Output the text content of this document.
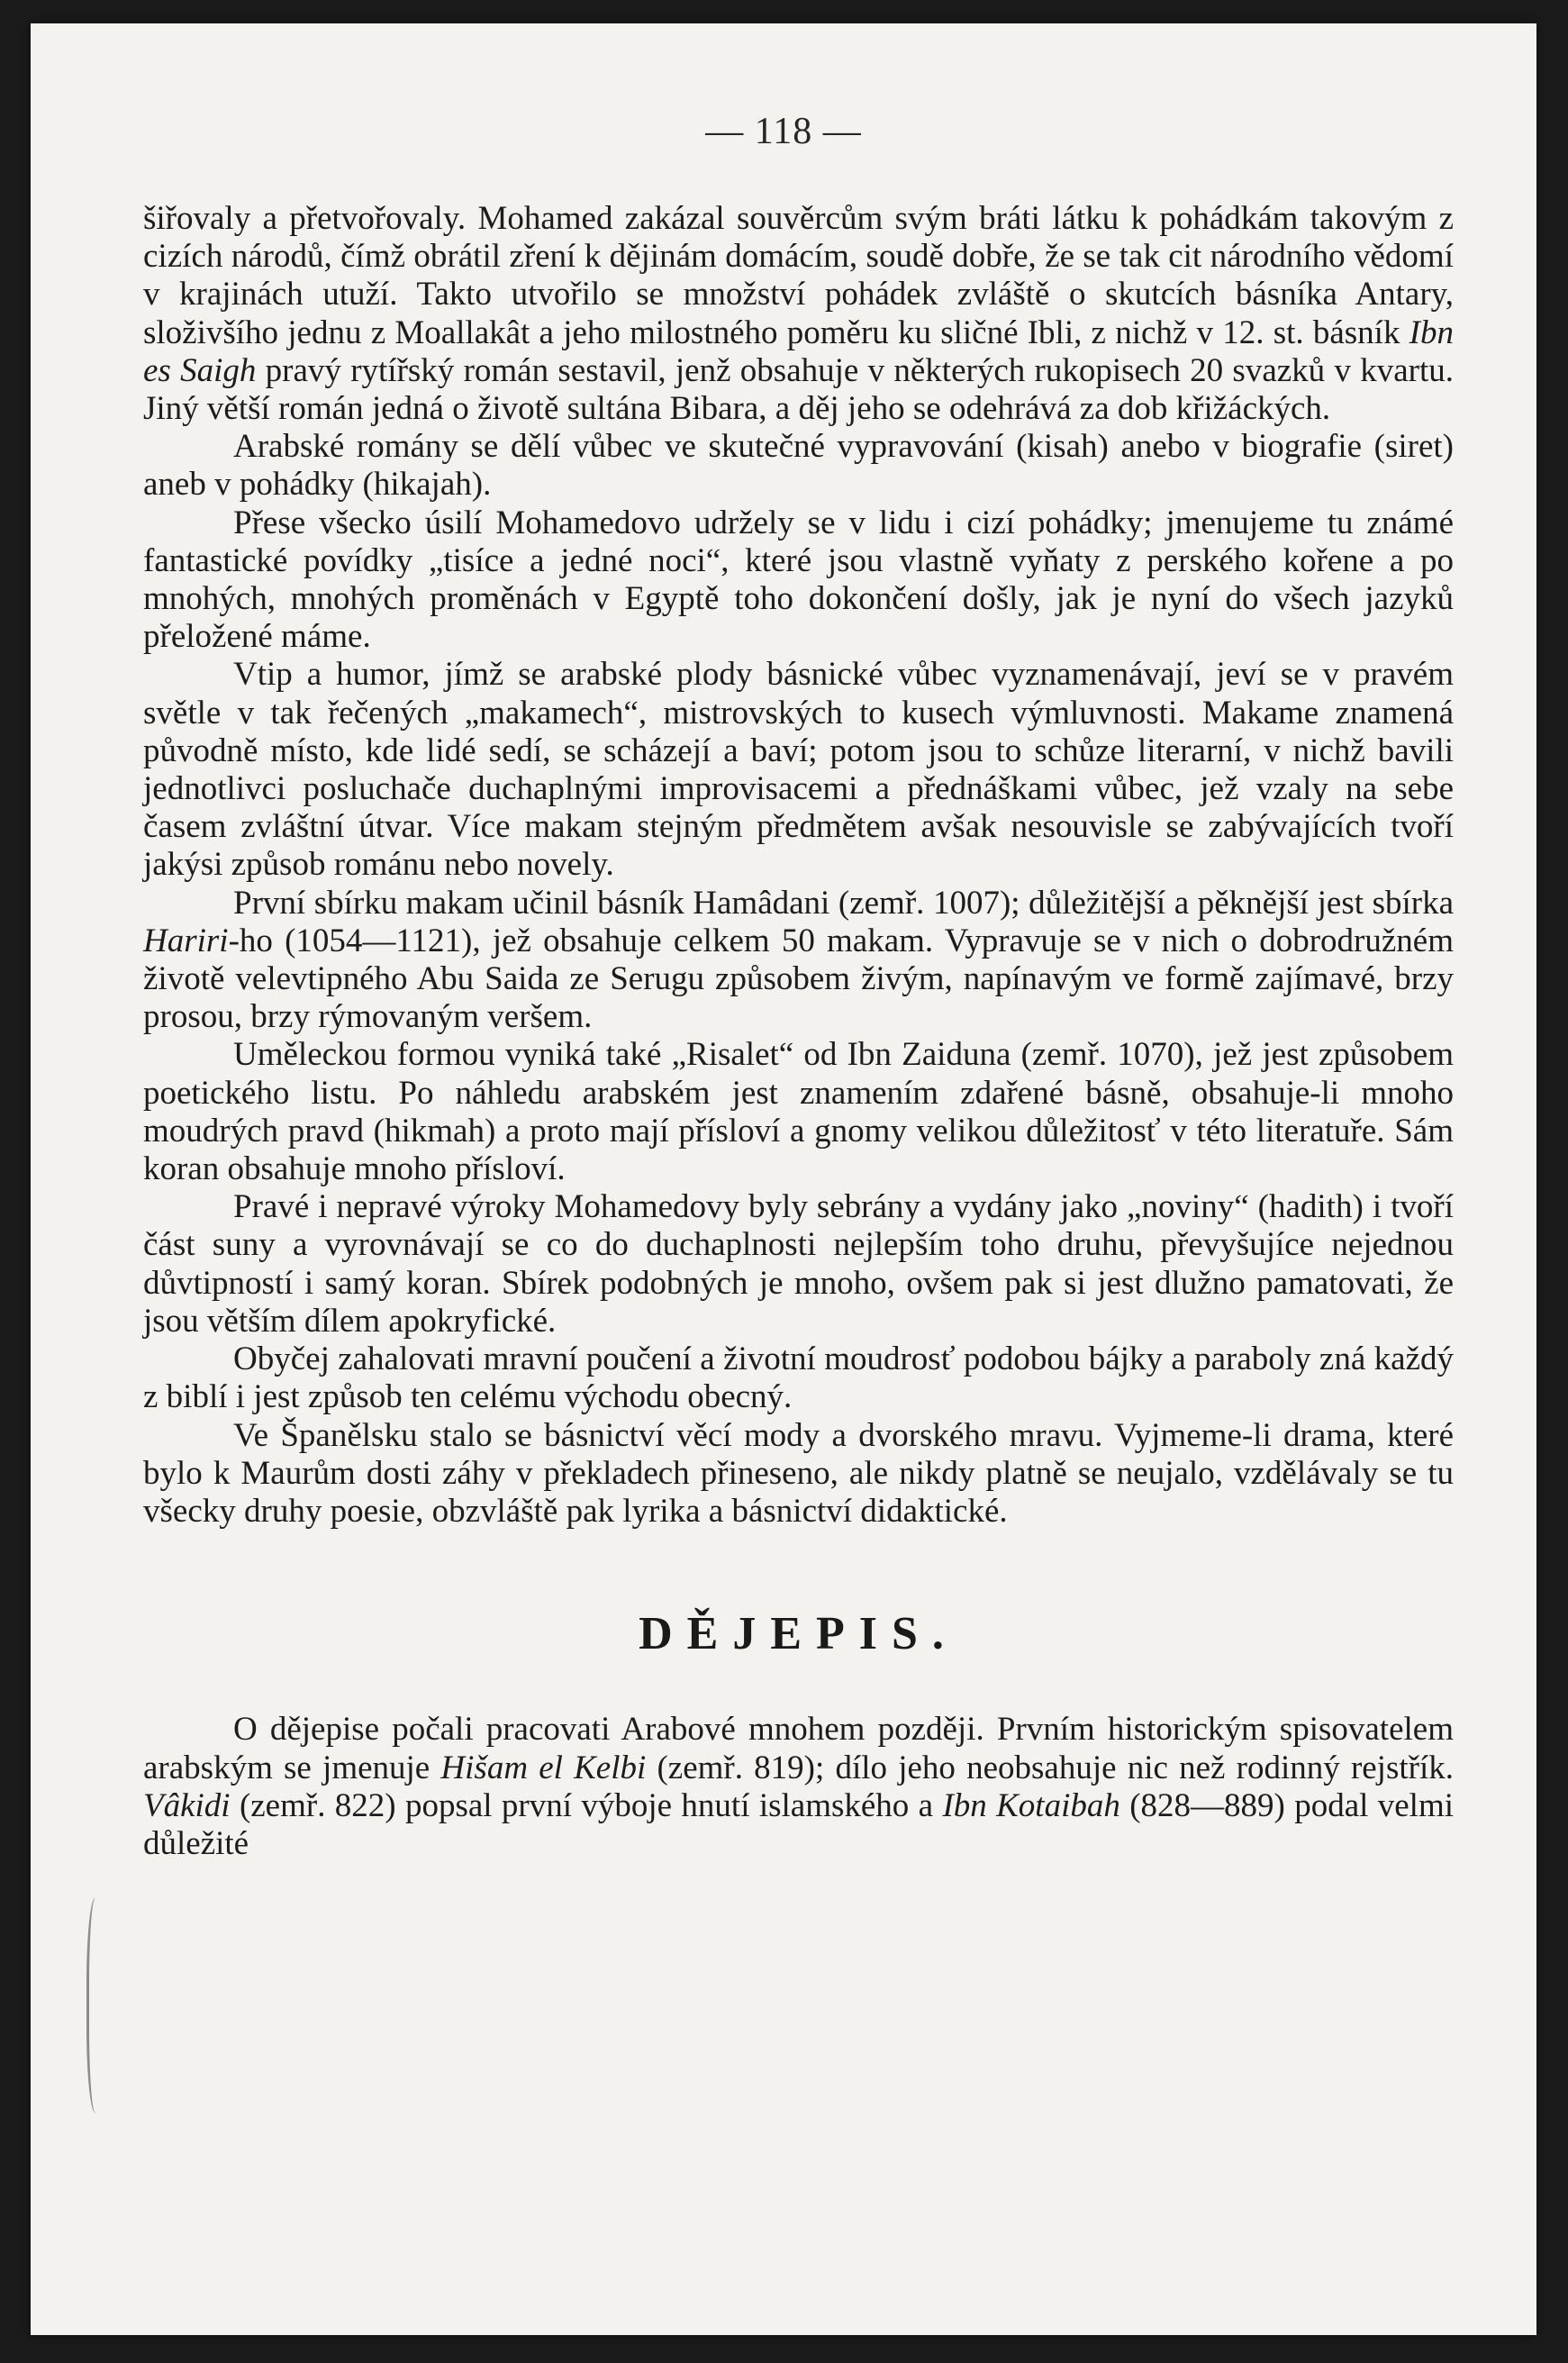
— 118 —

šiřovaly a přetvořovaly. Mohamed zakázal souvěrcům svým bráti látku k pohádkám takovým z cizích národů, čímž obrátil zření k dějinám domácím, soudě dobře, že se tak cit národního vědomí v krajinách utuží. Takto utvořilo se množství pohádek zvláště o skutcích básníka Antary, složivšího jednu z Moallakât a jeho milostného poměru ku sličné Ibli, z nichž v 12. st. básník Ibn es Saigh pravý rytířský román sestavil, jenž obsahuje v některých rukopisech 20 svazků v kvartu. Jiný větší román jedná o životě sultána Bibara, a děj jeho se odehrává za dob křižáckých.

Arabské romány se dělí vůbec ve skutečné vypravování (kisah) anebo v biografie (siret) aneb v pohádky (hikajah).

Přese všecko úsilí Mohamedovo udržely se v lidu i cizí pohádky; jmenujeme tu známé fantastické povídky „tisíce a jedné noci“, které jsou vlastně vyňaty z perského kořene a po mnohých, mnohých proměnách v Egyptě toho dokončení došly, jak je nyní do všech jazyků přeložené máme.

Vtip a humor, jímž se arabské plody básnické vůbec vyznamenávají, jeví se v pravém světle v tak řečených „makamech“, mistrovských to kusech výmluvnosti. Makame znamená původně místo, kde lidé sedí, se scházejí a baví; potom jsou to schůze literarní, v nichž bavili jednotlivci posluchače duchaplnými improvisacemi a přednáškami vůbec, jež vzaly na sebe časem zvláštní útvar. Více makam stejným předmětem avšak nesouvisle se zabývajících tvoří jakýsi způsob románu nebo novely.

První sbírku makam učinil básník Hamâdani (zemř. 1007); důležitější a pěknější jest sbírka Hariri-ho (1054—1121), jež obsahuje celkem 50 makam. Vypravuje se v nich o dobrodružném životě velevtipného Abu Saida ze Serugu způsobem živým, napínavým ve formě zajímavé, brzy prosou, brzy rýmovaným veršem.

Uměleckou formou vyniká také „Risalet“ od Ibn Zaiduna (zemř. 1070), jež jest způsobem poetického listu. Po náhledu arabském jest znamením zdařené básně, obsahuje-li mnoho moudrých pravd (hikmah) a proto mají přísloví a gnomy velikou důležitosť v této literatuře. Sám koran obsahuje mnoho přísloví.

Pravé i nepravé výroky Mohamedovy byly sebrány a vydány jako „noviny“ (hadith) i tvoří část suny a vyrovnávají se co do duchaplnosti nejlepším toho druhu, převyšujíce nejednou důvtipností i samý koran. Sbírek podobných je mnoho, ovšem pak si jest dlužno pamatovati, že jsou větším dílem apokryfické.

Obyčej zahalovati mravní poučení a životní moudrosť podobou bájky a paraboly zná každý z biblí i jest způsob ten celému východu obecný.

Ve Španělsku stalo se básnictví věcí mody a dvorského mravu. Vyjmeme-li drama, které bylo k Maurům dosti záhy v překladech přineseno, ale nikdy platně se neujalo, vzdělávaly se tu všecky druhy poesie, obzvláště pak lyrika a básnictví didaktické.

DĚJEPIS.

O dějepise počali pracovati Arabové mnohem později. Prvním historickým spisovatelem arabským se jmenuje Hišam el Kelbi (zemř. 819); dílo jeho neobsahuje nic než rodinný rejstřík. Vâkidi (zemř. 822) popsal první výboje hnutí islamského a Ibn Kotaibah (828—889) podal velmi důležité
